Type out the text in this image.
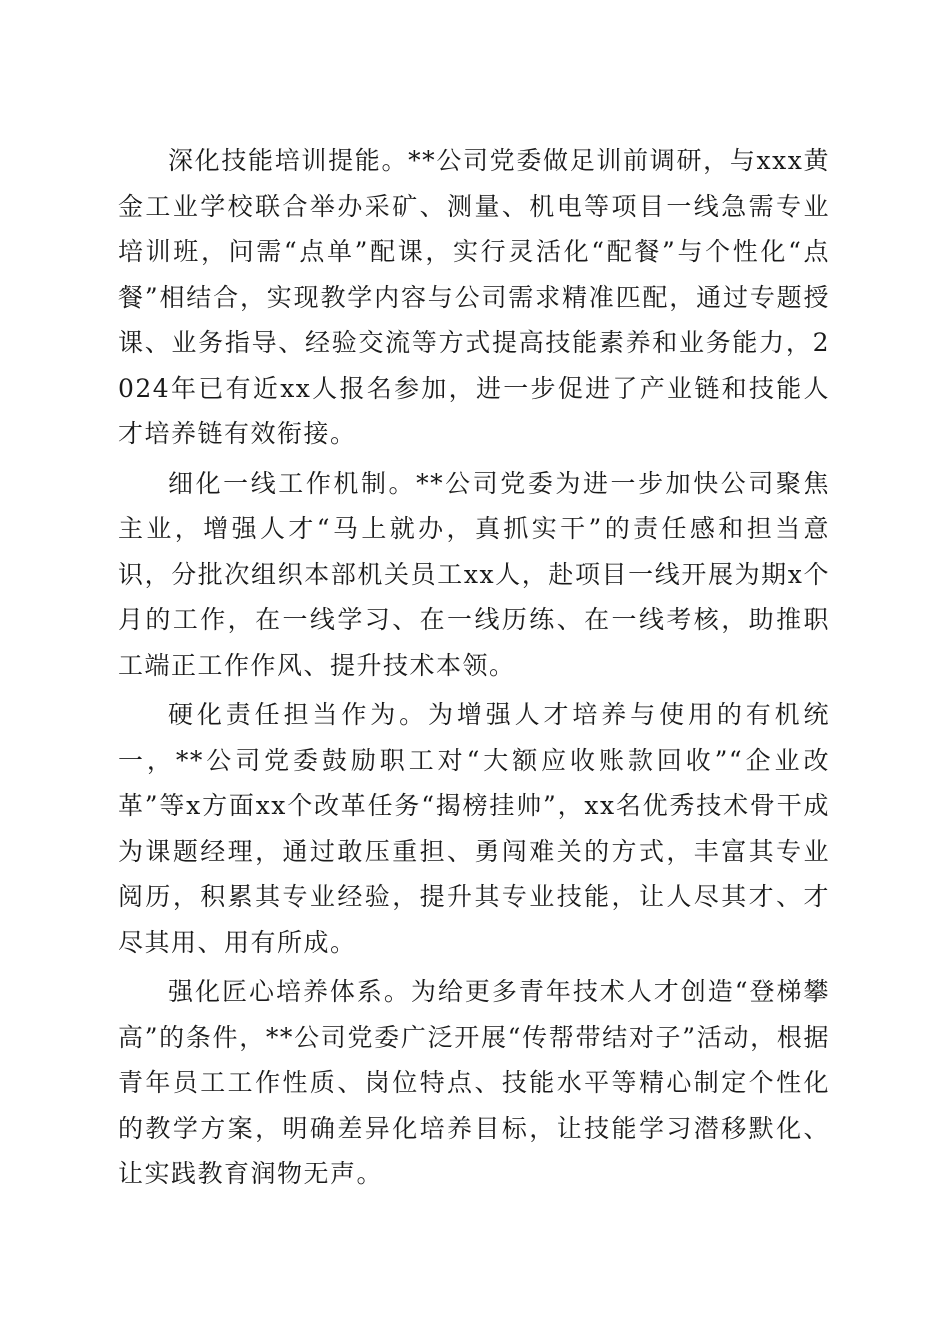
深化技能培训提能。**公司党委做足训前调研，与xxx黄金工业学校联合举办采矿、测量、机电等项目一线急需专业培训班，问需“点单”配课，实行灵活化“配餐”与个性化“点餐”相结合，实现教学内容与公司需求精准匹配，通过专题授课、业务指导、经验交流等方式提高技能素养和业务能力，2024年已有近xx人报名参加，进一步促进了产业链和技能人才培养链有效衔接。

细化一线工作机制。**公司党委为进一步加快公司聚焦主业，增强人才“马上就办，真抓实干”的责任感和担当意识，分批次组织本部机关员工xx人，赴项目一线开展为期x个月的工作，在一线学习、在一线历练、在一线考核，助推职工端正工作作风、提升技术本领。

硬化责任担当作为。为增强人才培养与使用的有机统一，**公司党委鼓励职工对“大额应收账款回收”“企业改革”等x方面xx个改革任务“揭榜挂帅”，xx名优秀技术骨干成为课题经理，通过敢压重担、勇闯难关的方式，丰富其专业阅历，积累其专业经验，提升其专业技能，让人尽其才、才尽其用、用有所成。

强化匠心培养体系。为给更多青年技术人才创造“登梯攀高”的条件，**公司党委广泛开展“传帮带结对子”活动，根据青年员工工作性质、岗位特点、技能水平等精心制定个性化的教学方案，明确差异化培养目标，让技能学习潜移默化、让实践教育润物无声。
